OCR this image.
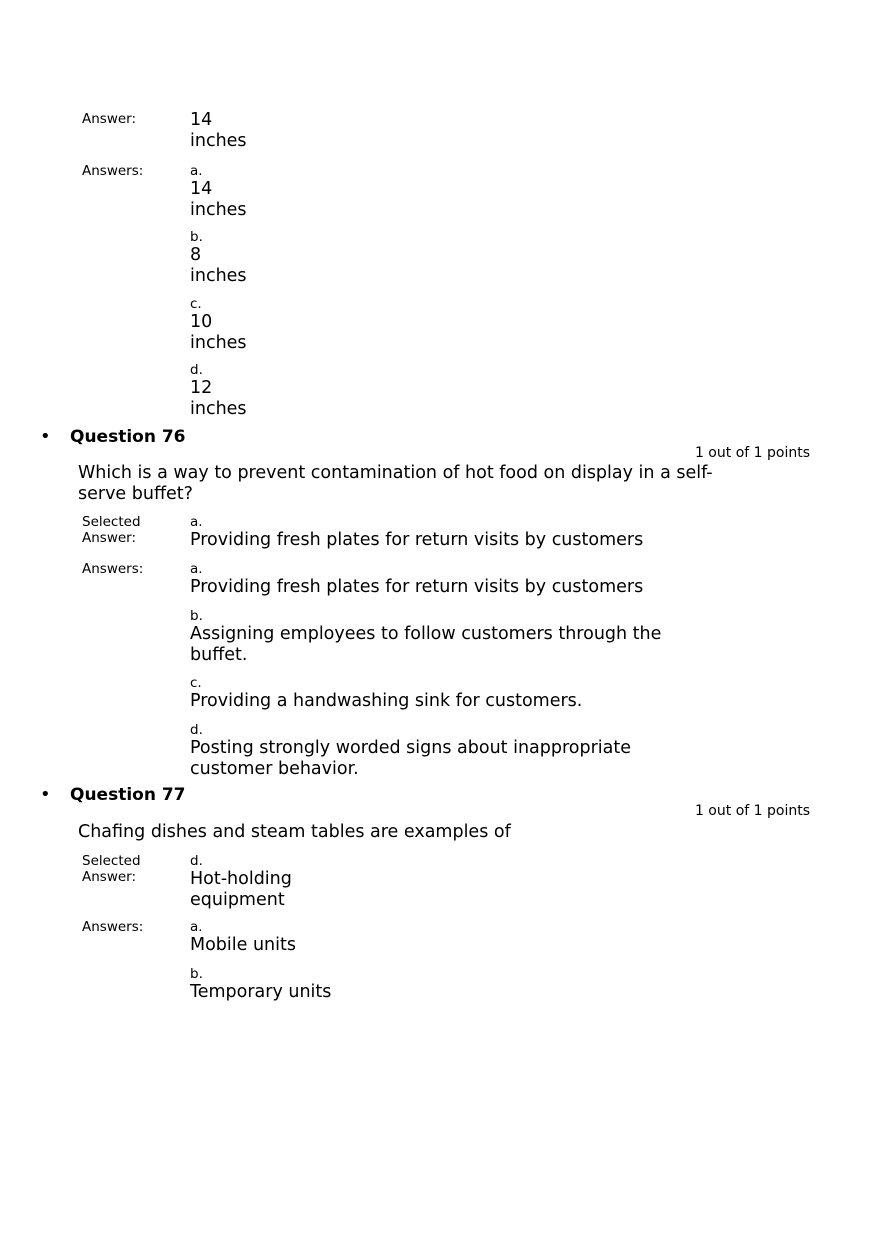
Answer:	14 inches
Answers:	a.
14 inches
b.
8 inches
c.
10 inches
d.
12 inches
• Question 76
1 out of 1 points
Which is a way to prevent contamination of hot food on display in a self-serve buffet?
Selected Answer:
a.
Providing fresh plates for return visits by customers
Answers:	a.
Providing fresh plates for return visits by customers
b.
Assigning employees to follow customers through the buffet.
c.
Providing a handwashing sink for customers.
d.
Posting strongly worded signs about inappropriate customer behavior.
• Question 77
1 out of 1 points
Chafing dishes and steam tables are examples of
Selected Answer:
d.
Hot-holding equipment
Answers:	a.
Mobile units
b.
Temporary units
